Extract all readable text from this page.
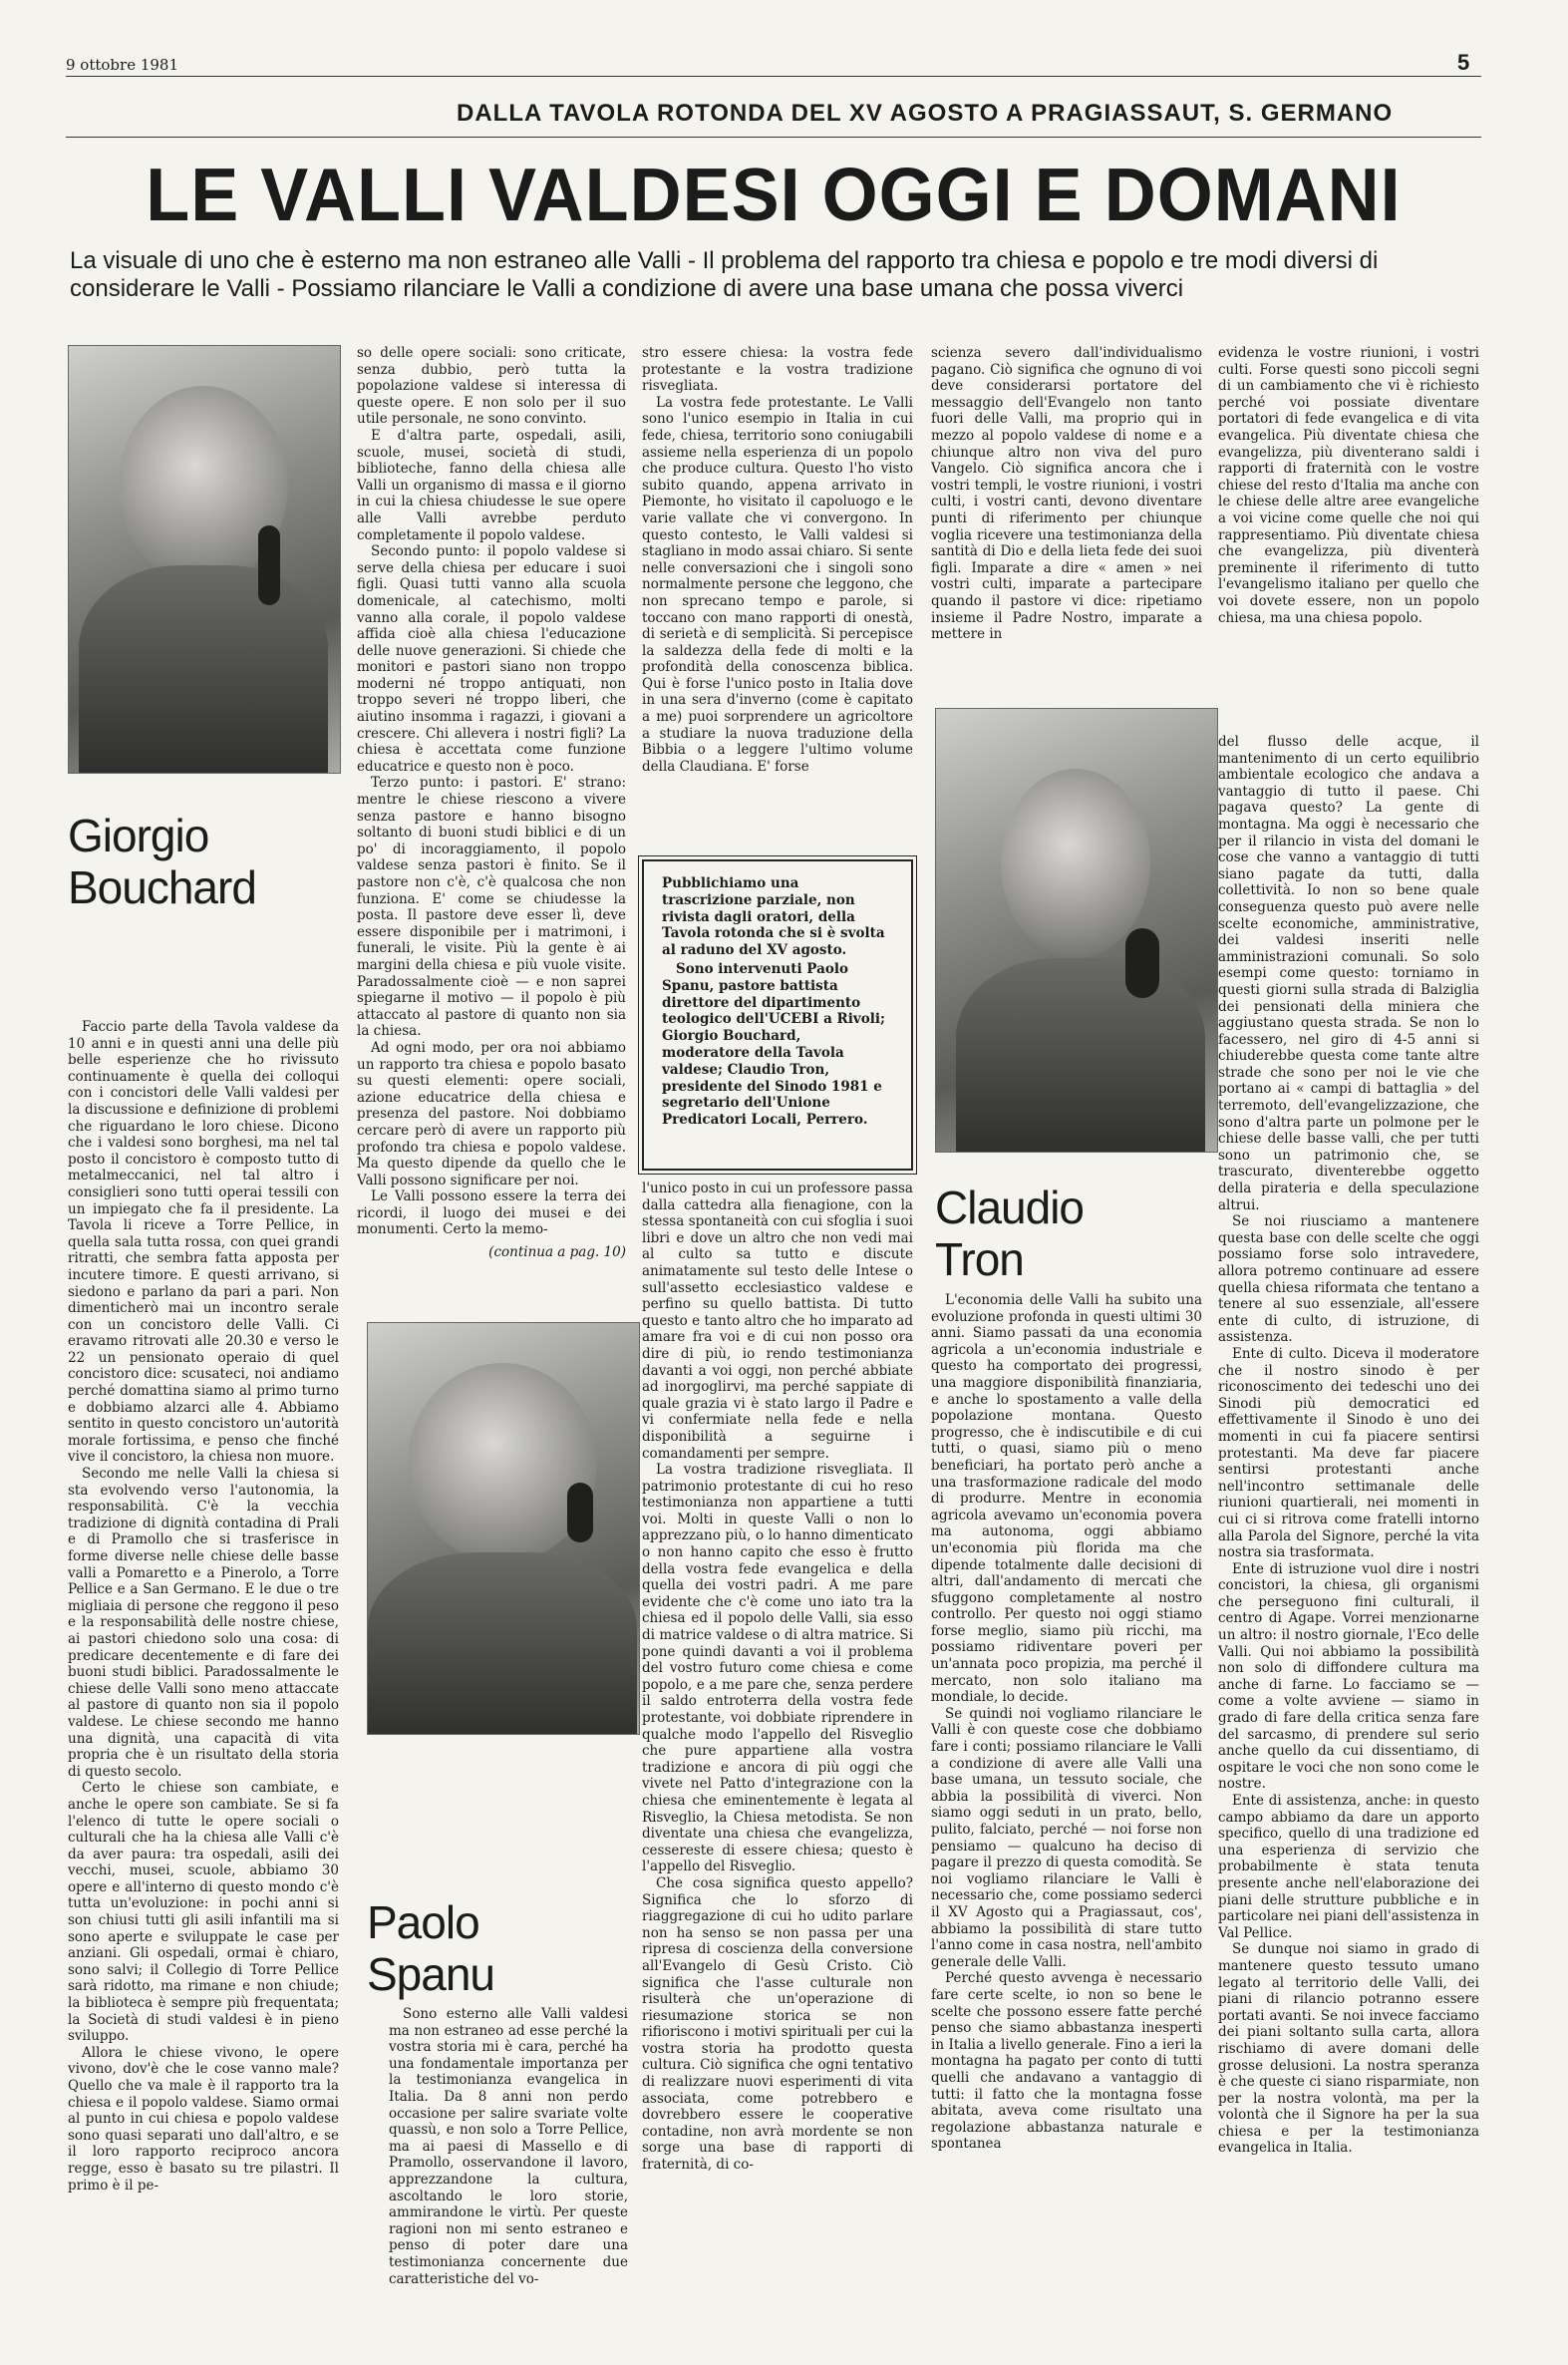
9 ottobre 1981	5
DALLA TAVOLA ROTONDA DEL XV AGOSTO A PRAGIASSAUT, S. GERMANO
LE VALLI VALDESI OGGI E DOMANI
La visuale di uno che è esterno ma non estraneo alle Valli - Il problema del rapporto tra chiesa e popolo e tre modi diversi di considerare le Valli - Possiamo rilanciare le Valli a condizione di avere una base umana che possa viverci
Giorgio
Bouchard
Claudio
Tron
Paolo
Spanu

Pubblichiamo una trascrizione parziale, non rivista dagli oratori, della Tavola rotonda che si è svolta al raduno del XV agosto.

Sono intervenuti Paolo Spanu, pastore battista direttore del dipartimento teologico dell'UCEBI a Rivoli; Giorgio Bouchard, moderatore della Tavola valdese; Claudio Tron, presidente del Sinodo 1981 e segretario dell'Unione Predicatori Locali, Perrero.

Faccio parte della Tavola valdese da 10 anni e in questi anni una delle più belle esperienze che ho rivissuto continuamente è quella dei colloqui con i concistori delle Valli valdesi per la discussione e definizione di problemi che riguardano le loro chiese. Dicono che i valdesi sono borghesi, ma nel tal posto il concistoro è composto tutto di metalmeccanici, nel tal altro i consiglieri sono tutti operai tessili con un impiegato che fa il presidente. La Tavola li riceve a Torre Pellice, in quella sala tutta rossa, con quei grandi ritratti, che sembra fatta apposta per incutere timore. E questi arrivano, si siedono e parlano da pari a pari. Non dimenticherò mai un incontro serale con un concistoro delle Valli. Ci eravamo ritrovati alle 20.30 e verso le 22 un pensionato operaio di quel concistoro dice: scusateci, noi andiamo perché domattina siamo al primo turno e dobbiamo alzarci alle 4. Abbiamo sentito in questo concistoro un'autorità morale fortissima, e penso che finché vive il concistoro, la chiesa non muore.

Secondo me nelle Valli la chiesa si sta evolvendo verso l'autonomia, la responsabilità. C'è la vecchia tradizione di dignità contadina di Prali e di Pramollo che si trasferisce in forme diverse nelle chiese delle basse valli a Pomaretto e a Pinerolo, a Torre Pellice e a San Germano. E le due o tre migliaia di persone che reggono il peso e la responsabilità delle nostre chiese, ai pastori chiedono solo una cosa: di predicare decentemente e di fare dei buoni studi biblici. Paradossalmente le chiese delle Valli sono meno attaccate al pastore di quanto non sia il popolo valdese. Le chiese secondo me hanno una dignità, una capacità di vita propria che è un risultato della storia di questo secolo.

Certo le chiese son cambiate, e anche le opere son cambiate. Se si fa l'elenco di tutte le opere sociali o culturali che ha la chiesa alle Valli c'è da aver paura: tra ospedali, asili dei vecchi, musei, scuole, abbiamo 30 opere e all'interno di questo mondo c'è tutta un'evoluzione: in pochi anni si son chiusi tutti gli asili infantili ma si sono aperte e sviluppate le case per anziani. Gli ospedali, ormai è chiaro, sono salvi; il Collegio di Torre Pellice sarà ridotto, ma rimane e non chiude; la biblioteca è sempre più frequentata; la Società di studi valdesi è in pieno sviluppo.

Allora le chiese vivono, le opere vivono, dov'è che le cose vanno male? Quello che va male è il rapporto tra la chiesa e il popolo valdese. Siamo ormai al punto in cui chiesa e popolo valdese sono quasi separati uno dall'altro, e se il loro rapporto reciproco ancora regge, esso è basato su tre pilastri. Il primo è il pe-

so delle opere sociali: sono criticate, senza dubbio, però tutta la popolazione valdese si interessa di queste opere. E non solo per il suo utile personale, ne sono convinto.

E d'altra parte, ospedali, asili, scuole, musei, società di studi, biblioteche, fanno della chiesa alle Valli un organismo di massa e il giorno in cui la chiesa chiudesse le sue opere alle Valli avrebbe perduto completamente il popolo valdese.

Secondo punto: il popolo valdese si serve della chiesa per educare i suoi figli. Quasi tutti vanno alla scuola domenicale, al catechismo, molti vanno alla corale, il popolo valdese affida cioè alla chiesa l'educazione delle nuove generazioni. Si chiede che monitori e pastori siano non troppo moderni né troppo antiquati, non troppo severi né troppo liberi, che aiutino insomma i ragazzi, i giovani a crescere. Chi allevera i nostri figli? La chiesa è accettata come funzione educatrice e questo non è poco.

Terzo punto: i pastori. E' strano: mentre le chiese riescono a vivere senza pastore e hanno bisogno soltanto di buoni studi biblici e di un po' di incoraggiamento, il popolo valdese senza pastori è finito. Se il pastore non c'è, c'è qualcosa che non funziona. E' come se chiudesse la posta. Il pastore deve esser lì, deve essere disponibile per i matrimoni, i funerali, le visite. Più la gente è ai margini della chiesa e più vuole visite. Paradossalmente cioè — e non saprei spiegarne il motivo — il popolo è più attaccato al pastore di quanto non sia la chiesa.

Ad ogni modo, per ora noi abbiamo un rapporto tra chiesa e popolo basato su questi elementi: opere sociali, azione educatrice della chiesa e presenza del pastore. Noi dobbiamo cercare però di avere un rapporto più profondo tra chiesa e popolo valdese. Ma questo dipende da quello che le Valli possono significare per noi.

Le Valli possono essere la terra dei ricordi, il luogo dei musei e dei monumenti. Certo la memo-

(continua a pag. 10)

Sono esterno alle Valli valdesi ma non estraneo ad esse perché la vostra storia mi è cara, perché ha una fondamentale importanza per la testimonianza evangelica in Italia. Da 8 anni non perdo occasione per salire svariate volte quassù, e non solo a Torre Pellice, ma ai paesi di Massello e di Pramollo, osservandone il lavoro, apprezzandone la cultura, ascoltando le loro storie, ammirandone le virtù. Per queste ragioni non mi sento estraneo e penso di poter dare una testimonianza concernente due caratteristiche del vo-

stro essere chiesa: la vostra fede protestante e la vostra tradizione risvegliata.

La vostra fede protestante. Le Valli sono l'unico esempio in Italia in cui fede, chiesa, territorio sono coniugabili assieme nella esperienza di un popolo che produce cultura. Questo l'ho visto subito quando, appena arrivato in Piemonte, ho visitato il capoluogo e le varie vallate che vi convergono. In questo contesto, le Valli valdesi si stagliano in modo assai chiaro. Si sente nelle conversazioni che i singoli sono normalmente persone che leggono, che non sprecano tempo e parole, si toccano con mano rapporti di onestà, di serietà e di semplicità. Si percepisce la saldezza della fede di molti e la profondità della conoscenza biblica. Qui è forse l'unico posto in Italia dove in una sera d'inverno (come è capitato a me) puoi sorprendere un agricoltore a studiare la nuova traduzione della Bibbia o a leggere l'ultimo volume della Claudiana. E' forse

l'unico posto in cui un professore passa dalla cattedra alla fienagione, con la stessa spontaneità con cui sfoglia i suoi libri e dove un altro che non vedi mai al culto sa tutto e discute animatamente sul testo delle Intese o sull'assetto ecclesiastico valdese e perfino su quello battista. Di tutto questo e tanto altro che ho imparato ad amare fra voi e di cui non posso ora dire di più, io rendo testimonianza davanti a voi oggi, non perché abbiate ad inorgoglirvi, ma perché sappiate di quale grazia vi è stato largo il Padre e vi confermiate nella fede e nella disponibilità a seguirne i comandamenti per sempre.

La vostra tradizione risvegliata. Il patrimonio protestante di cui ho reso testimonianza non appartiene a tutti voi. Molti in queste Valli o non lo apprezzano più, o lo hanno dimenticato o non hanno capito che esso è frutto della vostra fede evangelica e della quella dei vostri padri. A me pare evidente che c'è come uno iato tra la chiesa ed il popolo delle Valli, sia esso di matrice valdese o di altra matrice. Si pone quindi davanti a voi il problema del vostro futuro come chiesa e come popolo, e a me pare che, senza perdere il saldo entroterra della vostra fede protestante, voi dobbiate riprendere in qualche modo l'appello del Risveglio che pure appartiene alla vostra tradizione e ancora di più oggi che vivete nel Patto d'integrazione con la chiesa che eminentemente è legata al Risveglio, la Chiesa metodista. Se non diventate una chiesa che evangelizza, cessereste di essere chiesa; questo è l'appello del Risveglio.

Che cosa significa questo appello? Significa che lo sforzo di riaggregazione di cui ho udito parlare non ha senso se non passa per una ripresa di coscienza della conversione all'Evangelo di Gesù Cristo. Ciò significa che l'asse culturale non risulterà che un'operazione di riesumazione storica se non rifioriscono i motivi spirituali per cui la vostra storia ha prodotto questa cultura. Ciò significa che ogni tentativo di realizzare nuovi esperimenti di vita associata, come potrebbero e dovrebbero essere le cooperative contadine, non avrà mordente se non sorge una base di rapporti di fraternità, di co-

scienza severo dall'individualismo pagano. Ciò significa che ognuno di voi deve considerarsi portatore del messaggio dell'Evangelo non tanto fuori delle Valli, ma proprio qui in mezzo al popolo valdese di nome e a chiunque altro non viva del puro Vangelo. Ciò significa ancora che i vostri templi, le vostre riunioni, i vostri culti, i vostri canti, devono diventare punti di riferimento per chiunque voglia ricevere una testimonianza della santità di Dio e della lieta fede dei suoi figli. Imparate a dire « amen » nei vostri culti, imparate a partecipare quando il pastore vi dice: ripetiamo insieme il Padre Nostro, imparate a mettere in

L'economia delle Valli ha subito una evoluzione profonda in questi ultimi 30 anni. Siamo passati da una economia agricola a un'economia industriale e questo ha comportato dei progressi, una maggiore disponibilità finanziaria, e anche lo spostamento a valle della popolazione montana. Questo progresso, che è indiscutibile e di cui tutti, o quasi, siamo più o meno beneficiari, ha portato però anche a una trasformazione radicale del modo di produrre. Mentre in economia agricola avevamo un'economia povera ma autonoma, oggi abbiamo un'economia più florida ma che dipende totalmente dalle decisioni di altri, dall'andamento di mercati che sfuggono completamente al nostro controllo. Per questo noi oggi stiamo forse meglio, siamo più ricchi, ma possiamo ridiventare poveri per un'annata poco propizia, ma perché il mercato, non solo italiano ma mondiale, lo decide.

Se quindi noi vogliamo rilanciare le Valli è con queste cose che dobbiamo fare i conti; possiamo rilanciare le Valli a condizione di avere alle Valli una base umana, un tessuto sociale, che abbia la possibilità di viverci. Non siamo oggi seduti in un prato, bello, pulito, falciato, perché — noi forse non pensiamo — qualcuno ha deciso di pagare il prezzo di questa comodità. Se noi vogliamo rilanciare le Valli è necessario che, come possiamo sederci il XV Agosto qui a Pragiassaut, cos', abbiamo la possibilità di stare tutto l'anno come in casa nostra, nell'ambito generale delle Valli.

Perché questo avvenga è necessario fare certe scelte, io non so bene le scelte che possono essere fatte perché penso che siamo abbastanza inesperti in Italia a livello generale. Fino a ieri la montagna ha pagato per conto di tutti quelli che andavano a vantaggio di tutti: il fatto che la montagna fosse abitata, aveva come risultato una regolazione abbastanza naturale e spontanea

evidenza le vostre riunioni, i vostri culti. Forse questi sono piccoli segni di un cambiamento che vi è richiesto perché voi possiate diventare portatori di fede evangelica e di vita evangelica. Più diventate chiesa che evangelizza, più diventerano saldi i rapporti di fraternità con le vostre chiese del resto d'Italia ma anche con le chiese delle altre aree evangeliche a voi vicine come quelle che noi qui rappresentiamo. Più diventate chiesa che evangelizza, più diventerà preminente il riferimento di tutto l'evangelismo italiano per quello che voi dovete essere, non un popolo chiesa, ma una chiesa popolo.

del flusso delle acque, il mantenimento di un certo equilibrio ambientale ecologico che andava a vantaggio di tutto il paese. Chi pagava questo? La gente di montagna. Ma oggi è necessario che per il rilancio in vista del domani le cose che vanno a vantaggio di tutti siano pagate da tutti, dalla collettività. Io non so bene quale conseguenza questo può avere nelle scelte economiche, amministrative, dei valdesi inseriti nelle amministrazioni comunali. So solo esempi come questo: torniamo in questi giorni sulla strada di Balziglia dei pensionati della miniera che aggiustano questa strada. Se non lo facessero, nel giro di 4-5 anni si chiuderebbe questa come tante altre strade che sono per noi le vie che portano ai « campi di battaglia » del terremoto, dell'evangelizzazione, che sono d'altra parte un polmone per le chiese delle basse valli, che per tutti sono un patrimonio che, se trascurato, diventerebbe oggetto della pirateria e della speculazione altrui.

Se noi riusciamo a mantenere questa base con delle scelte che oggi possiamo forse solo intravedere, allora potremo continuare ad essere quella chiesa riformata che tentano a tenere al suo essenziale, all'essere ente di culto, di istruzione, di assistenza.

Ente di culto. Diceva il moderatore che il nostro sinodo è per riconoscimento dei tedeschi uno dei Sinodi più democratici ed effettivamente il Sinodo è uno dei momenti in cui fa piacere sentirsi protestanti. Ma deve far piacere sentirsi protestanti anche nell'incontro settimanale delle riunioni quartierali, nei momenti in cui ci si ritrova come fratelli intorno alla Parola del Signore, perché la vita nostra sia trasformata.

Ente di istruzione vuol dire i nostri concistori, la chiesa, gli organismi che perseguono fini culturali, il centro di Agape. Vorrei menzionarne un altro: il nostro giornale, l'Eco delle Valli. Qui noi abbiamo la possibilità non solo di diffondere cultura ma anche di farne. Lo facciamo se — come a volte avviene — siamo in grado di fare della critica senza fare del sarcasmo, di prendere sul serio anche quello da cui dissentiamo, di ospitare le voci che non sono come le nostre.

Ente di assistenza, anche: in questo campo abbiamo da dare un apporto specifico, quello di una tradizione ed una esperienza di servizio che probabilmente è stata tenuta presente anche nell'elaborazione dei piani delle strutture pubbliche e in particolare nei piani dell'assistenza in Val Pellice.

Se dunque noi siamo in grado di mantenere questo tessuto umano legato al territorio delle Valli, dei piani di rilancio potranno essere portati avanti. Se noi invece facciamo dei piani soltanto sulla carta, allora rischiamo di avere domani delle grosse delusioni. La nostra speranza è che queste ci siano risparmiate, non per la nostra volontà, ma per la volontà che il Signore ha per la sua chiesa e per la testimonianza evangelica in Italia.
